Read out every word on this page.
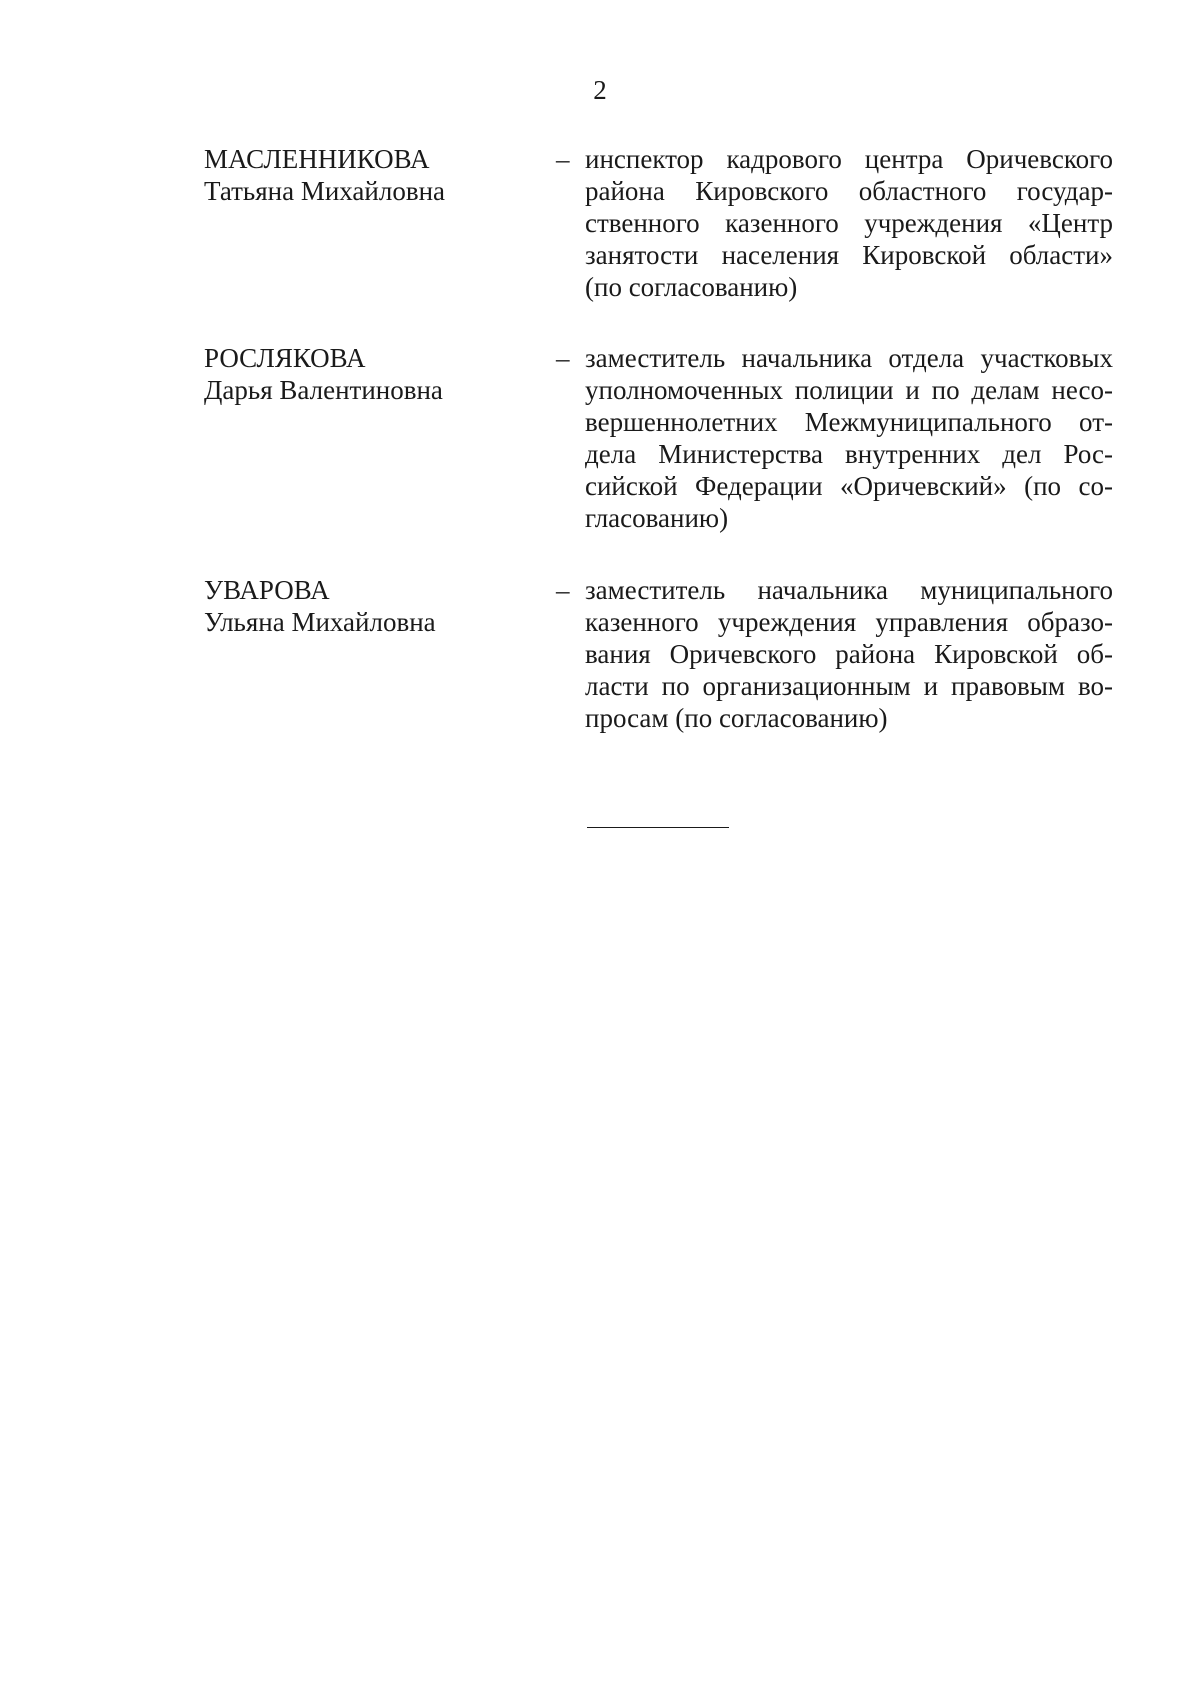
2
МАСЛЕННИКОВА
Татьяна Михайловна
– инспектор кадрового центра Оричевского
района Кировского областного государ-
ственного казенного учреждения «Центр
занятости населения Кировской области»
(по согласованию)
РОСЛЯКОВА
Дарья Валентиновна
– заместитель начальника отдела участковых
уполномоченных полиции и по делам несо-
вершеннолетних Межмуниципального от-
дела Министерства внутренних дел Рос-
сийской Федерации «Оричевский» (по со-
гласованию)
УВАРОВА
Ульяна Михайловна
– заместитель начальника муниципального
казенного учреждения управления образо-
вания Оричевского района Кировской об-
ласти по организационным и правовым во-
просам (по согласованию)
